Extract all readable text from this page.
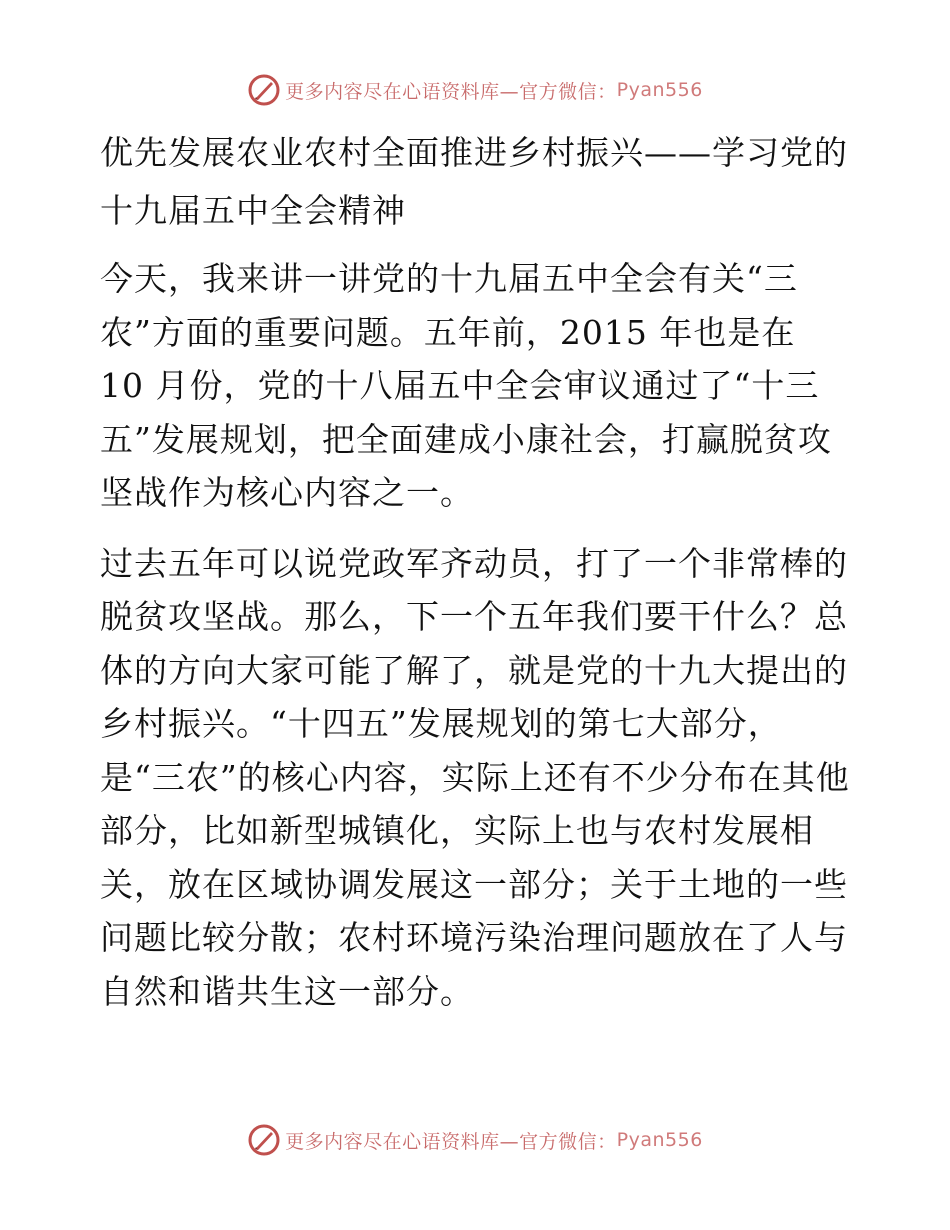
更多内容尽在心语资料库—官方微信： Pyan556
优先发展农业农村全面推进乡村振兴——学习党的十九届五中全会精神
今天，我来讲一讲党的十九届五中全会有关“三农”方面的重要问题。五年前，2015 年也是在 10 月份，党的十八届五中全会审议通过了“十三五”发展规划，把全面建成小康社会，打赢脱贫攻坚战作为核心内容之一。
过去五年可以说党政军齐动员，打了一个非常棒的脱贫攻坚战。那么，下一个五年我们要干什么？总体的方向大家可能了解了，就是党的十九大提出的乡村振兴。“十四五”发展规划的第七大部分，是“三农”的核心内容，实际上还有不少分布在其他部分，比如新型城镇化，实际上也与农村发展相关，放在区域协调发展这一部分；关于土地的一些问题比较分散；农村环境污染治理问题放在了人与自然和谐共生这一部分。
更多内容尽在心语资料库—官方微信： Pyan556
